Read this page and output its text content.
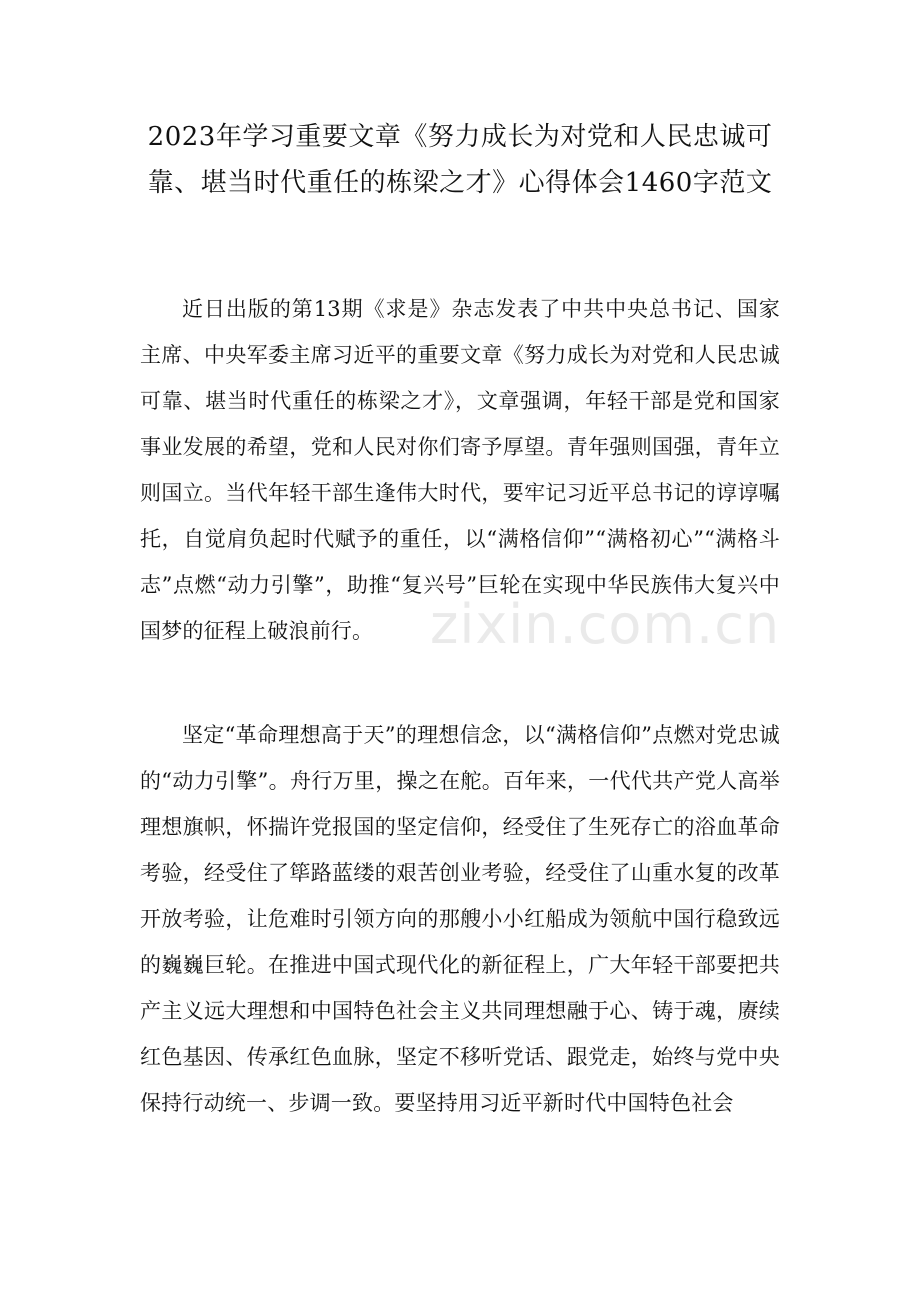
2023年学习重要文章《努力成长为对党和人民忠诚可靠、堪当时代重任的栋梁之才》心得体会1460字范文

近日出版的第13期《求是》杂志发表了中共中央总书记、国家主席、中央军委主席习近平的重要文章《努力成长为对党和人民忠诚可靠、堪当时代重任的栋梁之才》，文章强调，年轻干部是党和国家事业发展的希望，党和人民对你们寄予厚望。青年强则国强，青年立则国立。当代年轻干部生逢伟大时代，要牢记习近平总书记的谆谆嘱托，自觉肩负起时代赋予的重任，以“满格信仰”“满格初心”“满格斗志”点燃“动力引擎”，助推“复兴号”巨轮在实现中华民族伟大复兴中国梦的征程上破浪前行。

坚定“革命理想高于天”的理想信念，以“满格信仰”点燃对党忠诚的“动力引擎”。舟行万里，操之在舵。百年来，一代代共产党人高举理想旗帜，怀揣许党报国的坚定信仰，经受住了生死存亡的浴血革命考验，经受住了筚路蓝缕的艰苦创业考验，经受住了山重水复的改革开放考验，让危难时引领方向的那艘小小红船成为领航中国行稳致远的巍巍巨轮。在推进中国式现代化的新征程上，广大年轻干部要把共产主义远大理想和中国特色社会主义共同理想融于心、铸于魂，赓续红色基因、传承红色血脉，坚定不移听党话、跟党走，始终与党中央保持行动统一、步调一致。要坚持用习近平新时代中国特色社会

zixin.com.cn
